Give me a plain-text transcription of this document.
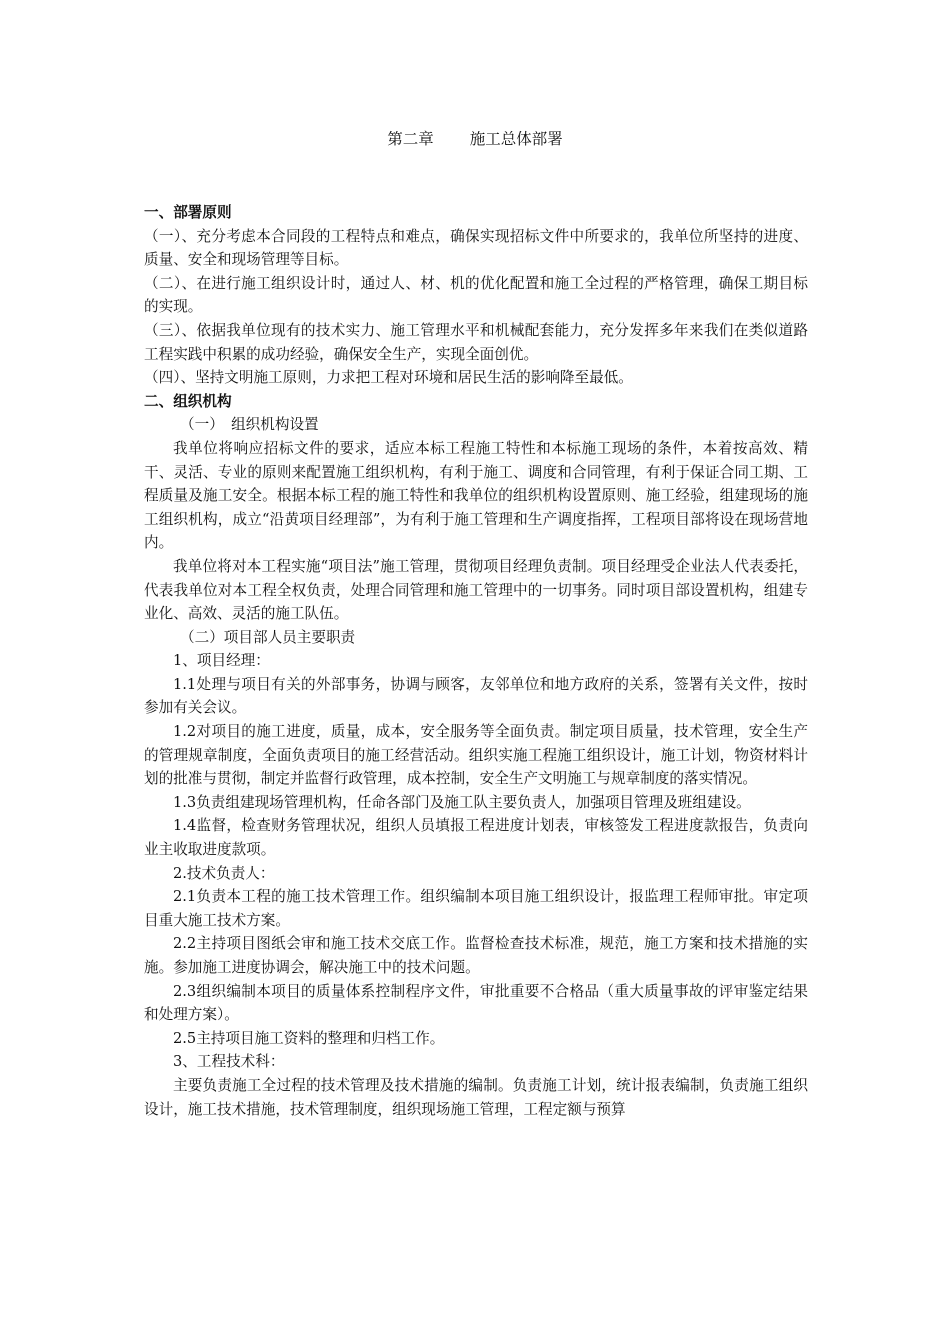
第二章 施工总体部署

一、部署原则

（一）、充分考虑本合同段的工程特点和难点，确保实现招标文件中所要求的，我单位所坚持的进度、质量、安全和现场管理等目标。

（二）、在进行施工组织设计时，通过人、材、机的优化配置和施工全过程的严格管理，确保工期目标的实现。

（三）、依据我单位现有的技术实力、施工管理水平和机械配套能力，充分发挥多年来我们在类似道路工程实践中积累的成功经验，确保安全生产，实现全面创优。

（四）、坚持文明施工原则，力求把工程对环境和居民生活的影响降至最低。

二、组织机构

（一）　组织机构设置

我单位将响应招标文件的要求，适应本标工程施工特性和本标施工现场的条件，本着按高效、精干、灵活、专业的原则来配置施工组织机构，有利于施工、调度和合同管理，有利于保证合同工期、工程质量及施工安全。根据本标工程的施工特性和我单位的组织机构设置原则、施工经验，组建现场的施工组织机构，成立“沿黄项目经理部”，为有利于施工管理和生产调度指挥，工程项目部将设在现场营地内。

我单位将对本工程实施“项目法”施工管理，贯彻项目经理负责制。项目经理受企业法人代表委托，代表我单位对本工程全权负责，处理合同管理和施工管理中的一切事务。同时项目部设置机构，组建专业化、高效、灵活的施工队伍。

（二）项目部人员主要职责

1、项目经理：

1.1处理与项目有关的外部事务，协调与顾客，友邻单位和地方政府的关系，签署有关文件，按时参加有关会议。

1.2对项目的施工进度，质量，成本，安全服务等全面负责。制定项目质量，技术管理，安全生产的管理规章制度，全面负责项目的施工经营活动。组织实施工程施工组织设计，施工计划，物资材料计划的批准与贯彻，制定并监督行政管理，成本控制，安全生产文明施工与规章制度的落实情况。

1.3负责组建现场管理机构，任命各部门及施工队主要负责人，加强项目管理及班组建设。

1.4监督，检查财务管理状况，组织人员填报工程进度计划表，审核签发工程进度款报告，负责向业主收取进度款项。

2.技术负责人：

2.1负责本工程的施工技术管理工作。组织编制本项目施工组织设计，报监理工程师审批。审定项目重大施工技术方案。

2.2主持项目图纸会审和施工技术交底工作。监督检查技术标准，规范，施工方案和技术措施的实施。参加施工进度协调会，解决施工中的技术问题。

2.3组织编制本项目的质量体系控制程序文件，审批重要不合格品（重大质量事故的评审鉴定结果和处理方案）。

2.5主持项目施工资料的整理和归档工作。

3、工程技术科：

主要负责施工全过程的技术管理及技术措施的编制。负责施工计划，统计报表编制，负责施工组织设计，施工技术措施，技术管理制度，组织现场施工管理，工程定额与预算
